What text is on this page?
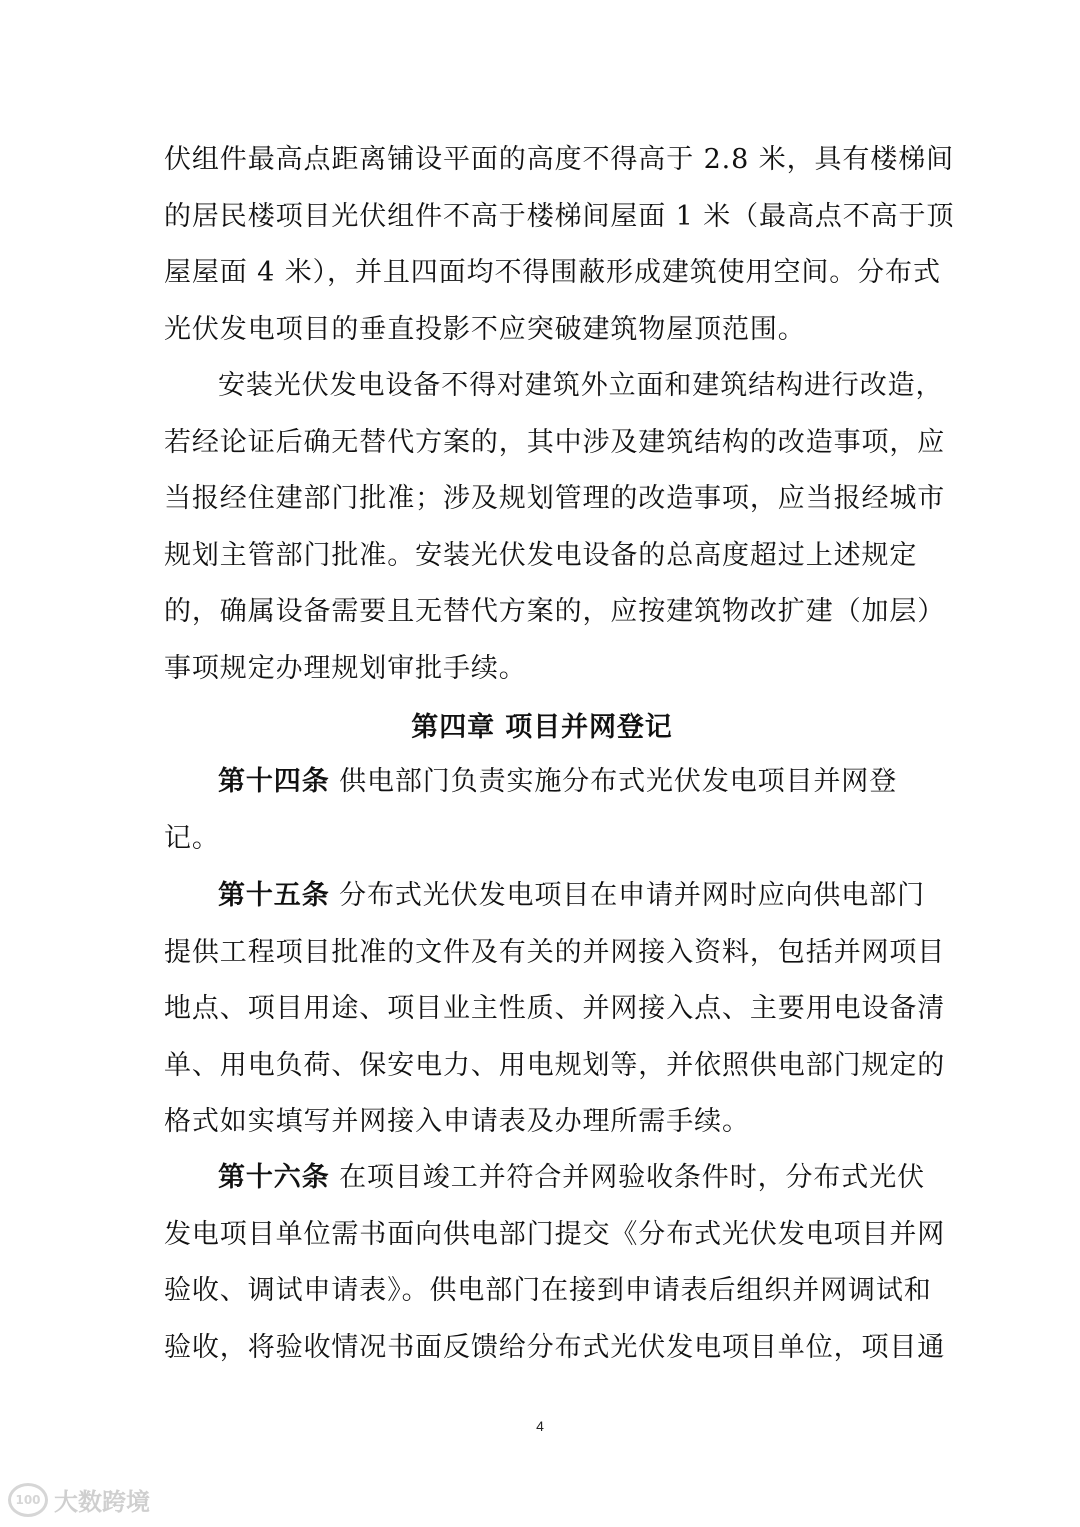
伏组件最高点距离铺设平面的高度不得高于 2.8 米，具有楼梯间
的居民楼项目光伏组件不高于楼梯间屋面 1 米（最高点不高于顶
屋屋面 4 米），并且四面均不得围蔽形成建筑使用空间。分布式
光伏发电项目的垂直投影不应突破建筑物屋顶范围。
安装光伏发电设备不得对建筑外立面和建筑结构进行改造，
若经论证后确无替代方案的，其中涉及建筑结构的改造事项，应
当报经住建部门批准；涉及规划管理的改造事项，应当报经城市
规划主管部门批准。安装光伏发电设备的总高度超过上述规定
的，确属设备需要且无替代方案的，应按建筑物改扩建（加层）
事项规定办理规划审批手续。
第四章 项目并网登记
第十四条 供电部门负责实施分布式光伏发电项目并网登
记。
第十五条 分布式光伏发电项目在申请并网时应向供电部门
提供工程项目批准的文件及有关的并网接入资料，包括并网项目
地点、项目用途、项目业主性质、并网接入点、主要用电设备清
单、用电负荷、保安电力、用电规划等，并依照供电部门规定的
格式如实填写并网接入申请表及办理所需手续。
第十六条 在项目竣工并符合并网验收条件时，分布式光伏
发电项目单位需书面向供电部门提交《分布式光伏发电项目并网
验收、调试申请表》。供电部门在接到申请表后组织并网调试和
验收，将验收情况书面反馈给分布式光伏发电项目单位，项目通
4
100 大数跨境
